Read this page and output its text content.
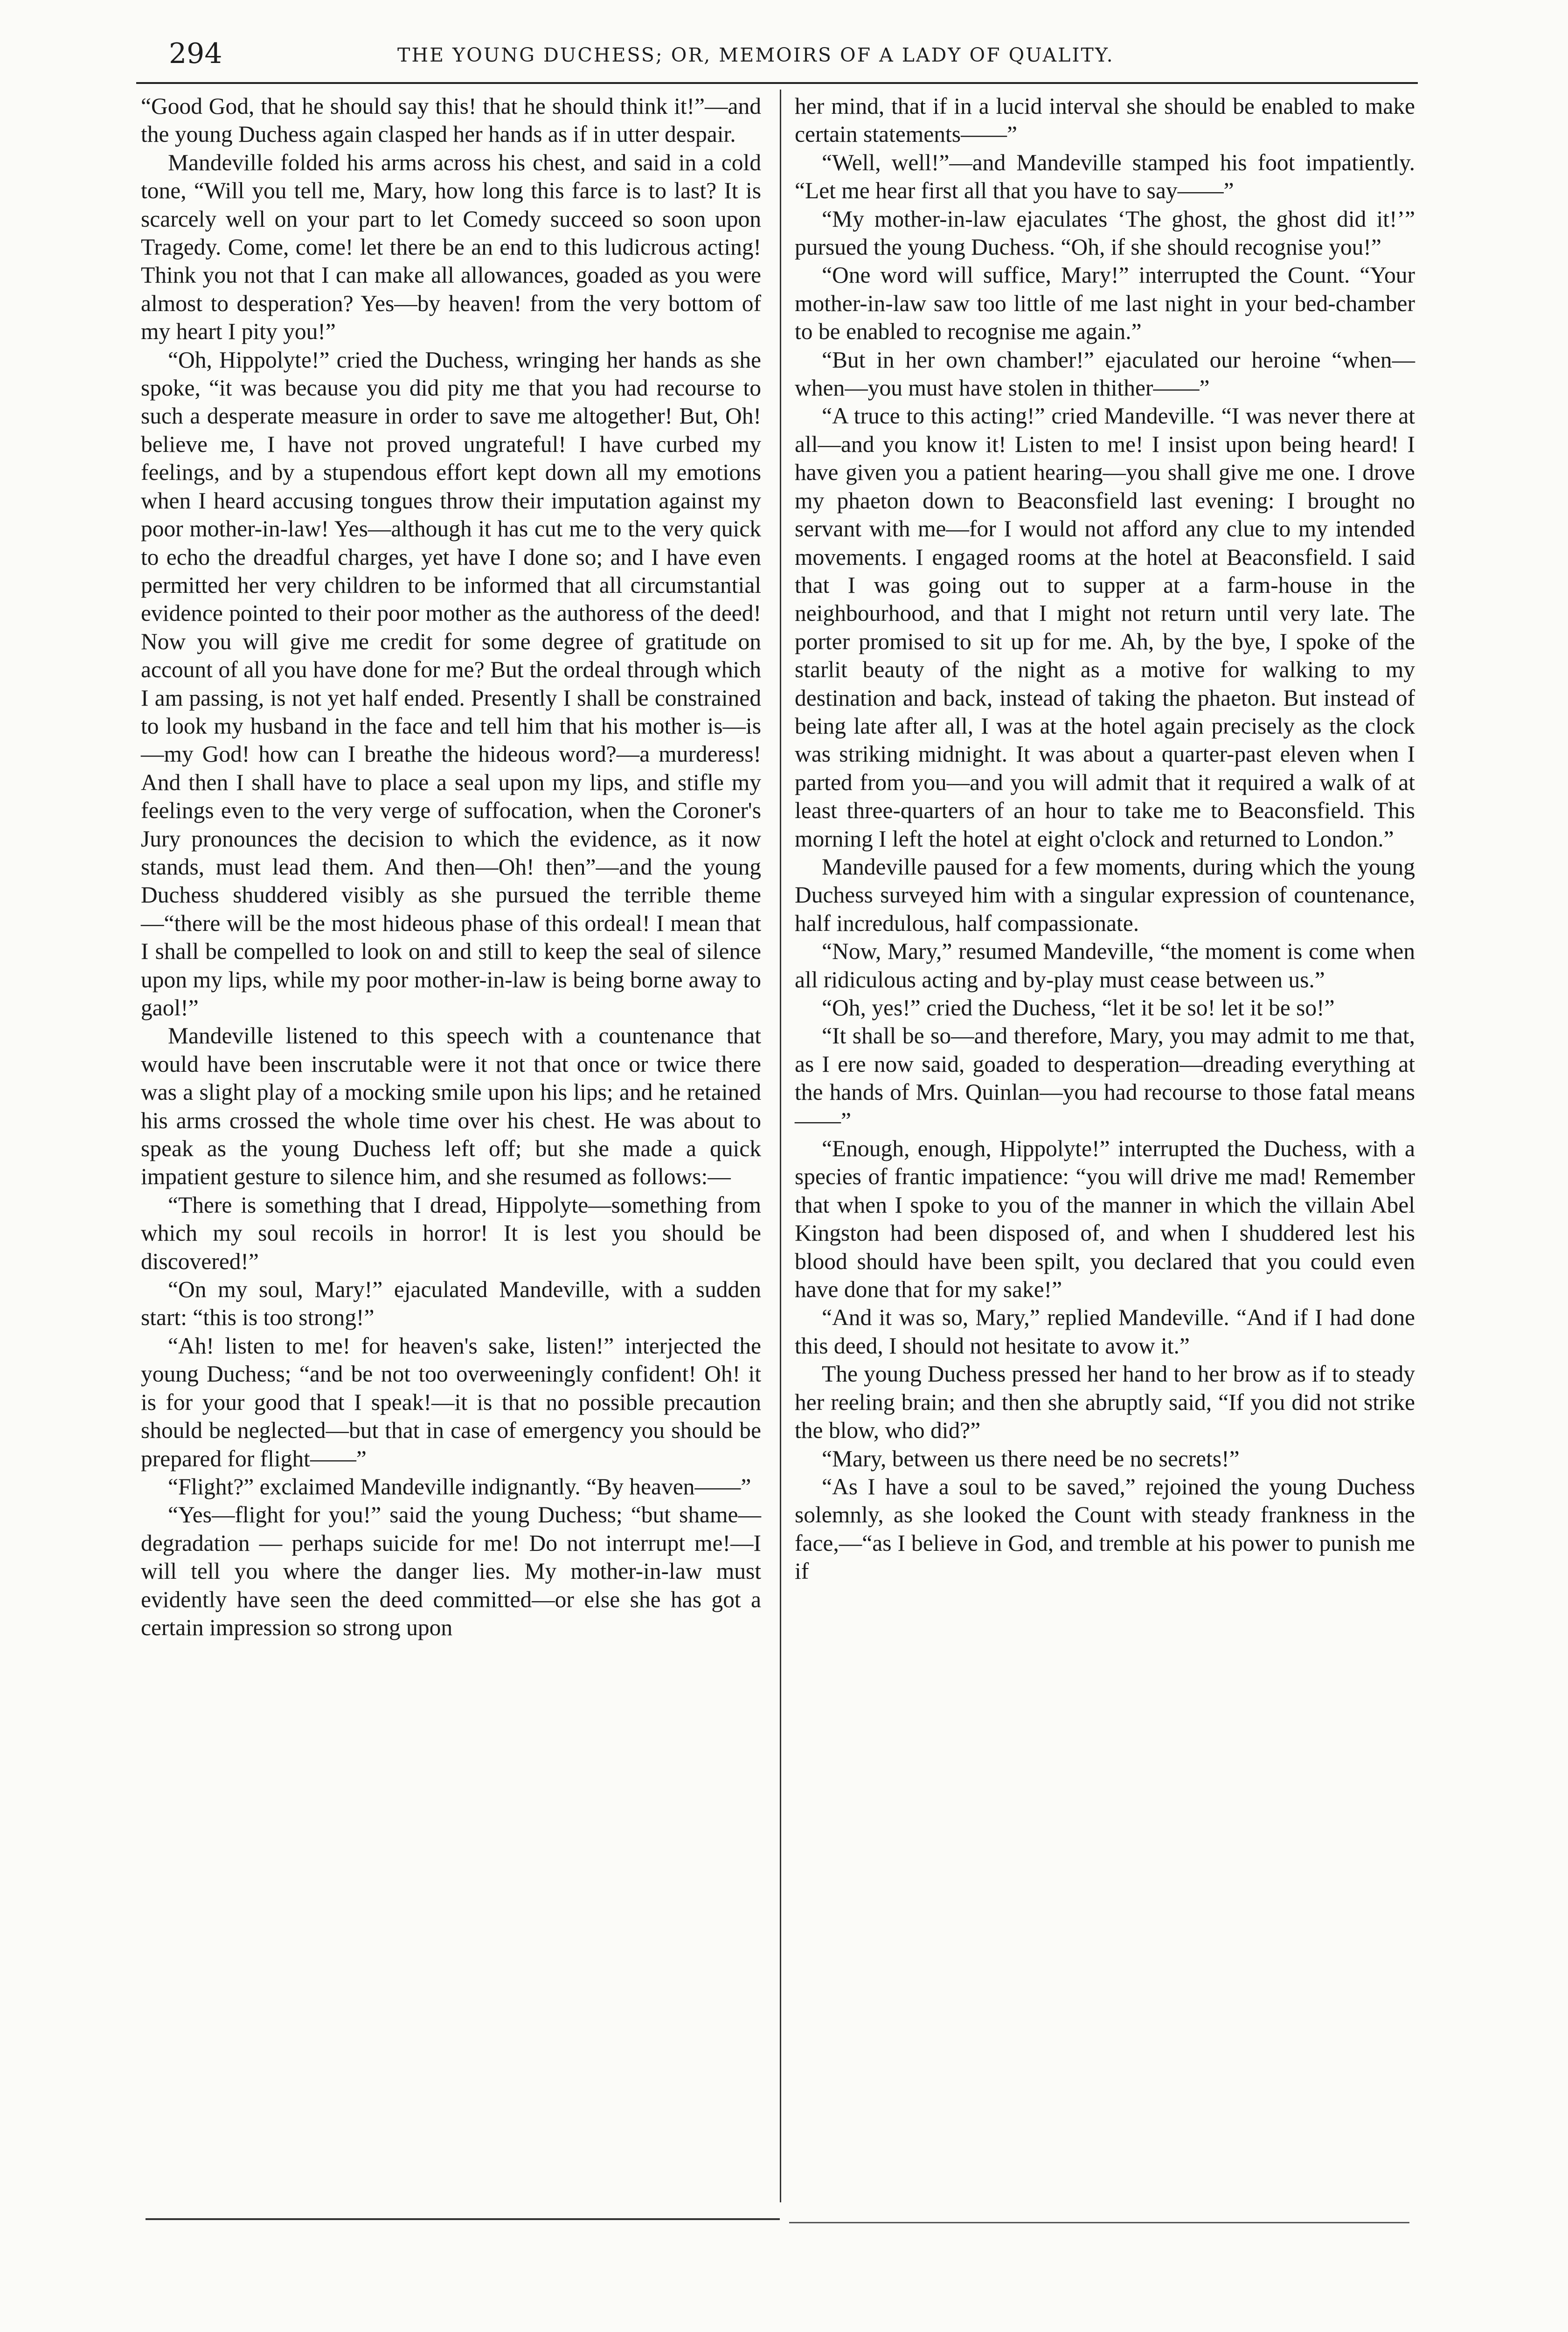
294	THE YOUNG DUCHESS; OR, MEMOIRS OF A LADY OF QUALITY.

“Good God, that he should say this! that he should think it!”—and the young Duchess again clasped her hands as if in utter despair.

Mandeville folded his arms across his chest, and said in a cold tone, “Will you tell me, Mary, how long this farce is to last? It is scarcely well on your part to let Comedy succeed so soon upon Tragedy. Come, come! let there be an end to this ludicrous acting! Think you not that I can make all allowances, goaded as you were almost to desperation? Yes—by heaven! from the very bottom of my heart I pity you!”

“Oh, Hippolyte!” cried the Duchess, wringing her hands as she spoke, “it was because you did pity me that you had recourse to such a desperate measure in order to save me altogether! But, Oh! believe me, I have not proved ungrateful! I have curbed my feelings, and by a stupendous effort kept down all my emotions when I heard accusing tongues throw their imputation against my poor mother-in-law! Yes—although it has cut me to the very quick to echo the dreadful charges, yet have I done so; and I have even permitted her very children to be informed that all circumstantial evidence pointed to their poor mother as the authoress of the deed! Now you will give me credit for some degree of gratitude on account of all you have done for me? But the ordeal through which I am passing, is not yet half ended. Presently I shall be constrained to look my husband in the face and tell him that his mother is—is—my God! how can I breathe the hideous word?—a murderess! And then I shall have to place a seal upon my lips, and stifle my feelings even to the very verge of suffocation, when the Coroner's Jury pronounces the decision to which the evidence, as it now stands, must lead them. And then—Oh! then”—and the young Duchess shuddered visibly as she pursued the terrible theme—“there will be the most hideous phase of this ordeal! I mean that I shall be compelled to look on and still to keep the seal of silence upon my lips, while my poor mother-in-law is being borne away to gaol!”

Mandeville listened to this speech with a countenance that would have been inscrutable were it not that once or twice there was a slight play of a mocking smile upon his lips; and he retained his arms crossed the whole time over his chest. He was about to speak as the young Duchess left off; but she made a quick impatient gesture to silence him, and she resumed as follows:—

“There is something that I dread, Hippolyte—something from which my soul recoils in horror! It is lest you should be discovered!”

“On my soul, Mary!” ejaculated Mandeville, with a sudden start: “this is too strong!”

“Ah! listen to me! for heaven's sake, listen!” interjected the young Duchess; “and be not too overweeningly confident! Oh! it is for your good that I speak!—it is that no possible precaution should be neglected—but that in case of emergency you should be prepared for flight——”

“Flight?” exclaimed Mandeville indignantly. “By heaven——”

“Yes—flight for you!” said the young Duchess; “but shame—degradation — perhaps suicide for me! Do not interrupt me!—I will tell you where the danger lies. My mother-in-law must evidently have seen the deed committed—or else she has got a certain impression so strong upon

her mind, that if in a lucid interval she should be enabled to make certain statements——”

“Well, well!”—and Mandeville stamped his foot impatiently. “Let me hear first all that you have to say——”

“My mother-in-law ejaculates ‘The ghost, the ghost did it!’” pursued the young Duchess. “Oh, if she should recognise you!”

“One word will suffice, Mary!” interrupted the Count. “Your mother-in-law saw too little of me last night in your bed-chamber to be enabled to recognise me again.”

“But in her own chamber!” ejaculated our heroine “when—when—you must have stolen in thither——”

“A truce to this acting!” cried Mandeville. “I was never there at all—and you know it! Listen to me! I insist upon being heard! I have given you a patient hearing—you shall give me one. I drove my phaeton down to Beaconsfield last evening: I brought no servant with me—for I would not afford any clue to my intended movements. I engaged rooms at the hotel at Beaconsfield. I said that I was going out to supper at a farm-house in the neighbourhood, and that I might not return until very late. The porter promised to sit up for me. Ah, by the bye, I spoke of the starlit beauty of the night as a motive for walking to my destination and back, instead of taking the phaeton. But instead of being late after all, I was at the hotel again precisely as the clock was striking midnight. It was about a quarter-past eleven when I parted from you—and you will admit that it required a walk of at least three-quarters of an hour to take me to Beaconsfield. This morning I left the hotel at eight o'clock and returned to London.”

Mandeville paused for a few moments, during which the young Duchess surveyed him with a singular expression of countenance, half incredulous, half compassionate.

“Now, Mary,” resumed Mandeville, “the moment is come when all ridiculous acting and by-play must cease between us.”

“Oh, yes!” cried the Duchess, “let it be so! let it be so!”

“It shall be so—and therefore, Mary, you may admit to me that, as I ere now said, goaded to desperation—dreading everything at the hands of Mrs. Quinlan—you had recourse to those fatal means——”

“Enough, enough, Hippolyte!” interrupted the Duchess, with a species of frantic impatience: “you will drive me mad! Remember that when I spoke to you of the manner in which the villain Abel Kingston had been disposed of, and when I shuddered lest his blood should have been spilt, you declared that you could even have done that for my sake!”

“And it was so, Mary,” replied Mandeville. “And if I had done this deed, I should not hesitate to avow it.”

The young Duchess pressed her hand to her brow as if to steady her reeling brain; and then she abruptly said, “If you did not strike the blow, who did?”

“Mary, between us there need be no secrets!”

“As I have a soul to be saved,” rejoined the young Duchess solemnly, as she looked the Count with steady frankness in the face,—“as I believe in God, and tremble at his power to punish me if
